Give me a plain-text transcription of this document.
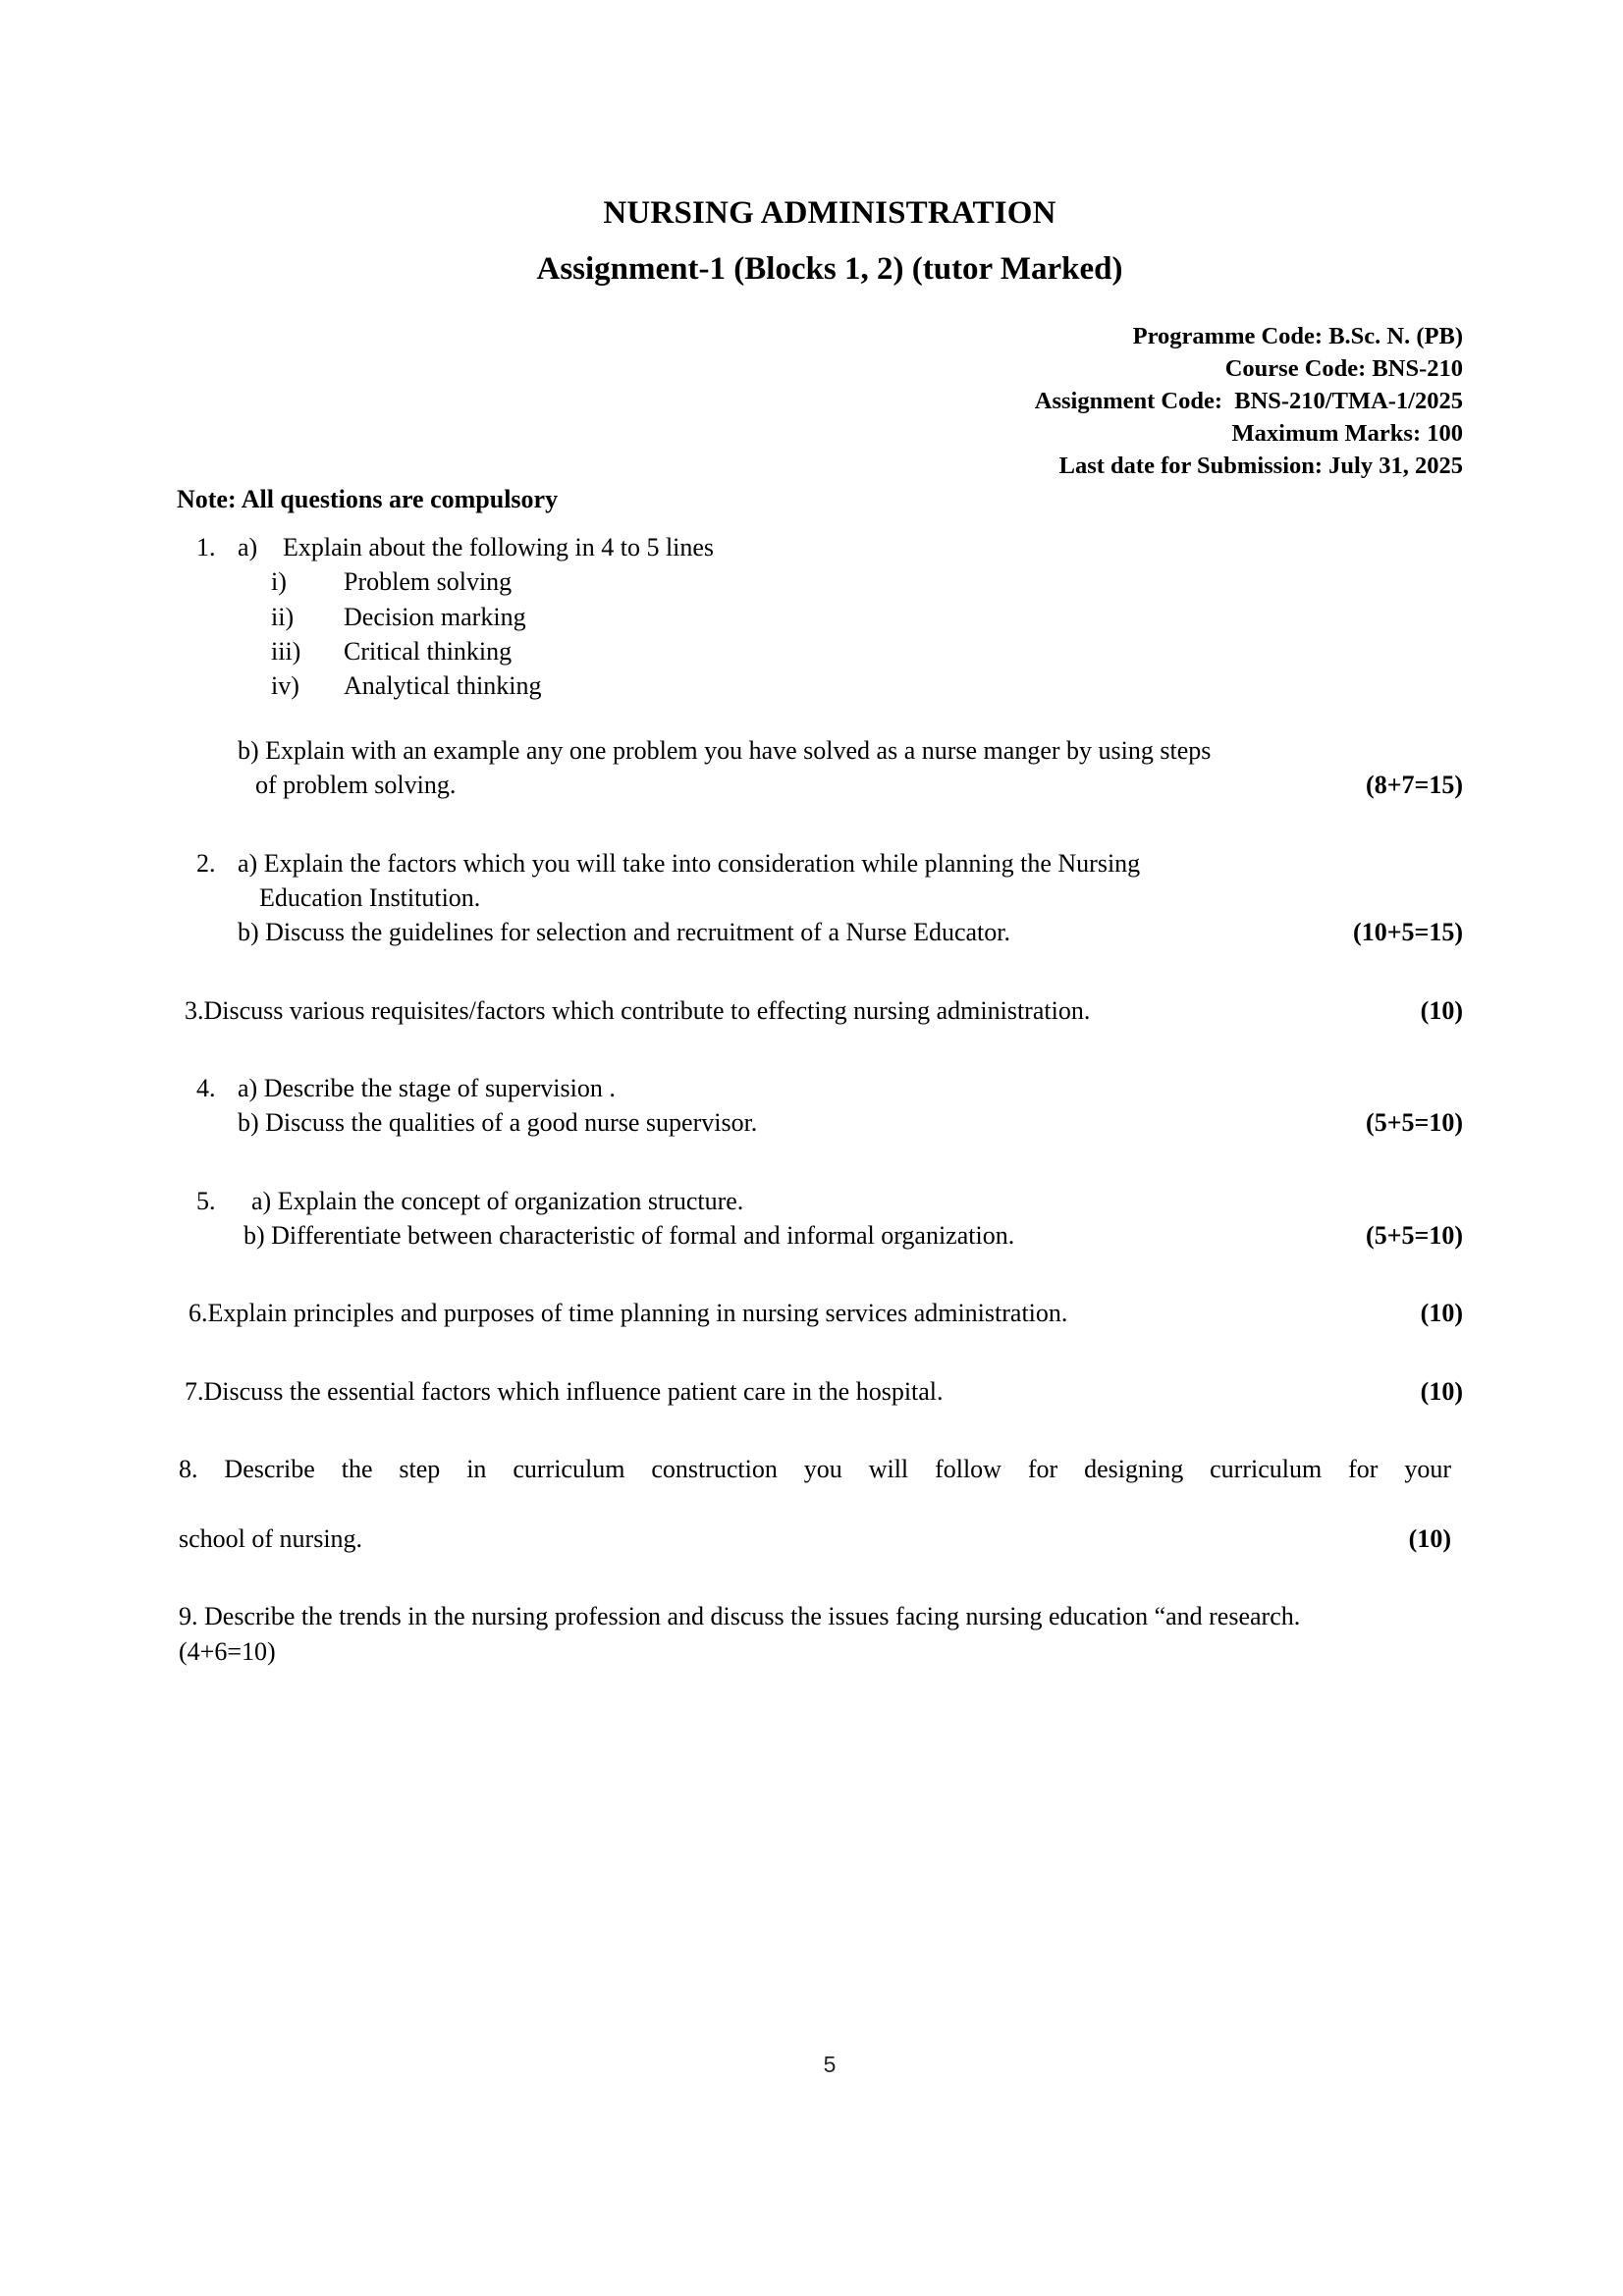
NURSING ADMINISTRATION
Assignment-1 (Blocks 1, 2) (tutor Marked)
Programme Code: B.Sc. N. (PB)
Course Code: BNS-210
Assignment Code:  BNS-210/TMA-1/2025
Maximum Marks: 100
Last date for Submission: July 31, 2025
Note: All questions are compulsory
1. a) Explain about the following in 4 to 5 lines
i)	Problem solving
ii)	Decision marking
iii)	Critical thinking
iv)	Analytical thinking
b) Explain with an example any one problem you have solved as a nurse manger by using steps
of problem solving.	(8+7=15)
2. a) Explain the factors which you will take into consideration while planning the Nursing
Education Institution.
b) Discuss the guidelines for selection and recruitment of a Nurse Educator.	(10+5=15)
3.Discuss various requisites/factors which contribute to effecting nursing administration.	(10)
4. a) Describe the stage of supervision .
b) Discuss the qualities of a good nurse supervisor.	(5+5=10)
5.	a) Explain the concept of organization structure.
b) Differentiate between characteristic of formal and informal organization.	(5+5=10)
6.Explain principles and purposes of time planning in nursing services administration.	(10)
7.Discuss the essential factors which influence patient care in the hospital.	(10)
8. Describe the step in curriculum construction you will follow for designing curriculum for your
school of nursing.	(10)
9. Describe the trends in the nursing profession and discuss the issues facing nursing education “and research.
(4+6=10)
5
